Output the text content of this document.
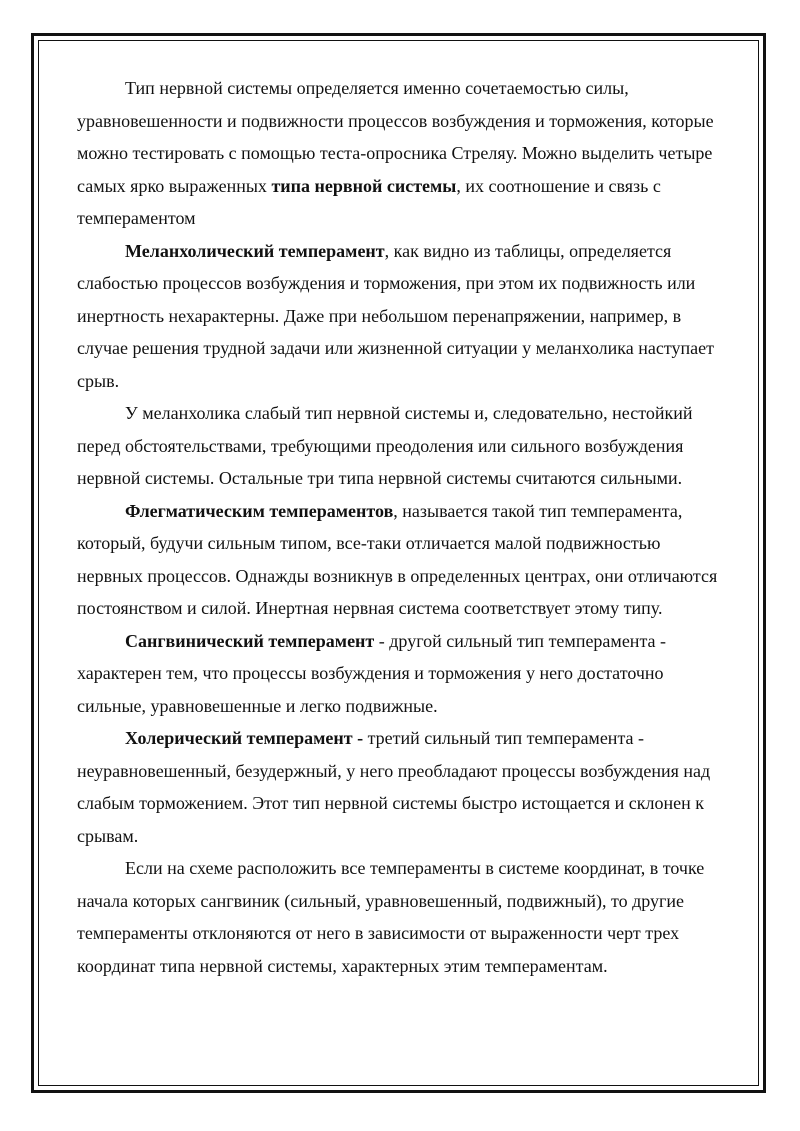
Тип нервной системы определяется именно сочетаемостью силы, уравновешенности и подвижности процессов возбуждения и торможения, которые можно тестировать с помощью теста-опросника Стреляу. Можно выделить четыре самых ярко выраженных типа нервной системы, их соотношение и связь с темпераментом

Меланхолический темперамент, как видно из таблицы, определяется слабостью процессов возбуждения и торможения, при этом их подвижность или инертность нехарактерны. Даже при небольшом перенапряжении, например, в случае решения трудной задачи или жизненной ситуации у меланхолика наступает срыв.

У меланхолика слабый тип нервной системы и, следовательно, нестойкий перед обстоятельствами, требующими преодоления или сильного возбуждения нервной системы. Остальные три типа нервной системы считаются сильными.

Флегматическим темпераментов, называется такой тип темперамента, который, будучи сильным типом, все-таки отличается малой подвижностью нервных процессов. Однажды возникнув в определенных центрах, они отличаются постоянством и силой. Инертная нервная система соответствует этому типу.

Сангвинический темперамент - другой сильный тип темперамента - характерен тем, что процессы возбуждения и торможения у него достаточно сильные, уравновешенные и легко подвижные.

Холерический темперамент - третий сильный тип темперамента - неуравновешенный, безудержный, у него преобладают процессы возбуждения над слабым торможением. Этот тип нервной системы быстро истощается и склонен к срывам.

Если на схеме расположить все темпераменты в системе координат, в точке начала которых сангвиник (сильный, уравновешенный, подвижный), то другие темпераменты отклоняются от него в зависимости от выраженности черт трех координат типа нервной системы, характерных этим темпераментам.
